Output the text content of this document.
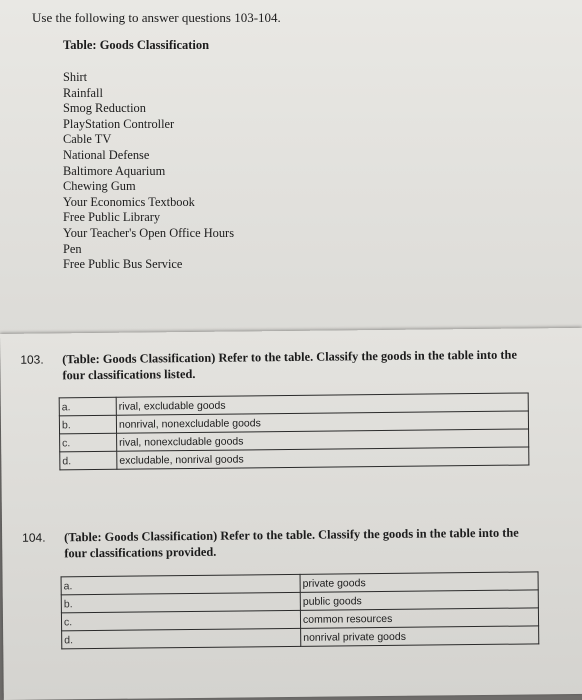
Use the following to answer questions 103-104.
Table: Goods Classification
Shirt
Rainfall
Smog Reduction
PlayStation Controller
Cable TV
National Defense
Baltimore Aquarium
Chewing Gum
Your Economics Textbook
Free Public Library
Your Teacher's Open Office Hours
Pen
Free Public Bus Service
103. (Table: Goods Classification) Refer to the table. Classify the goods in the table into the four classifications listed.
a.	rival, excludable goods
b.	nonrival, nonexcludable goods
c.	rival, nonexcludable goods
d.	excludable, nonrival goods
104. (Table: Goods Classification) Refer to the table. Classify the goods in the table into the four classifications provided.
a.	private goods
b.	public goods
c.	common resources
d.	nonrival private goods
